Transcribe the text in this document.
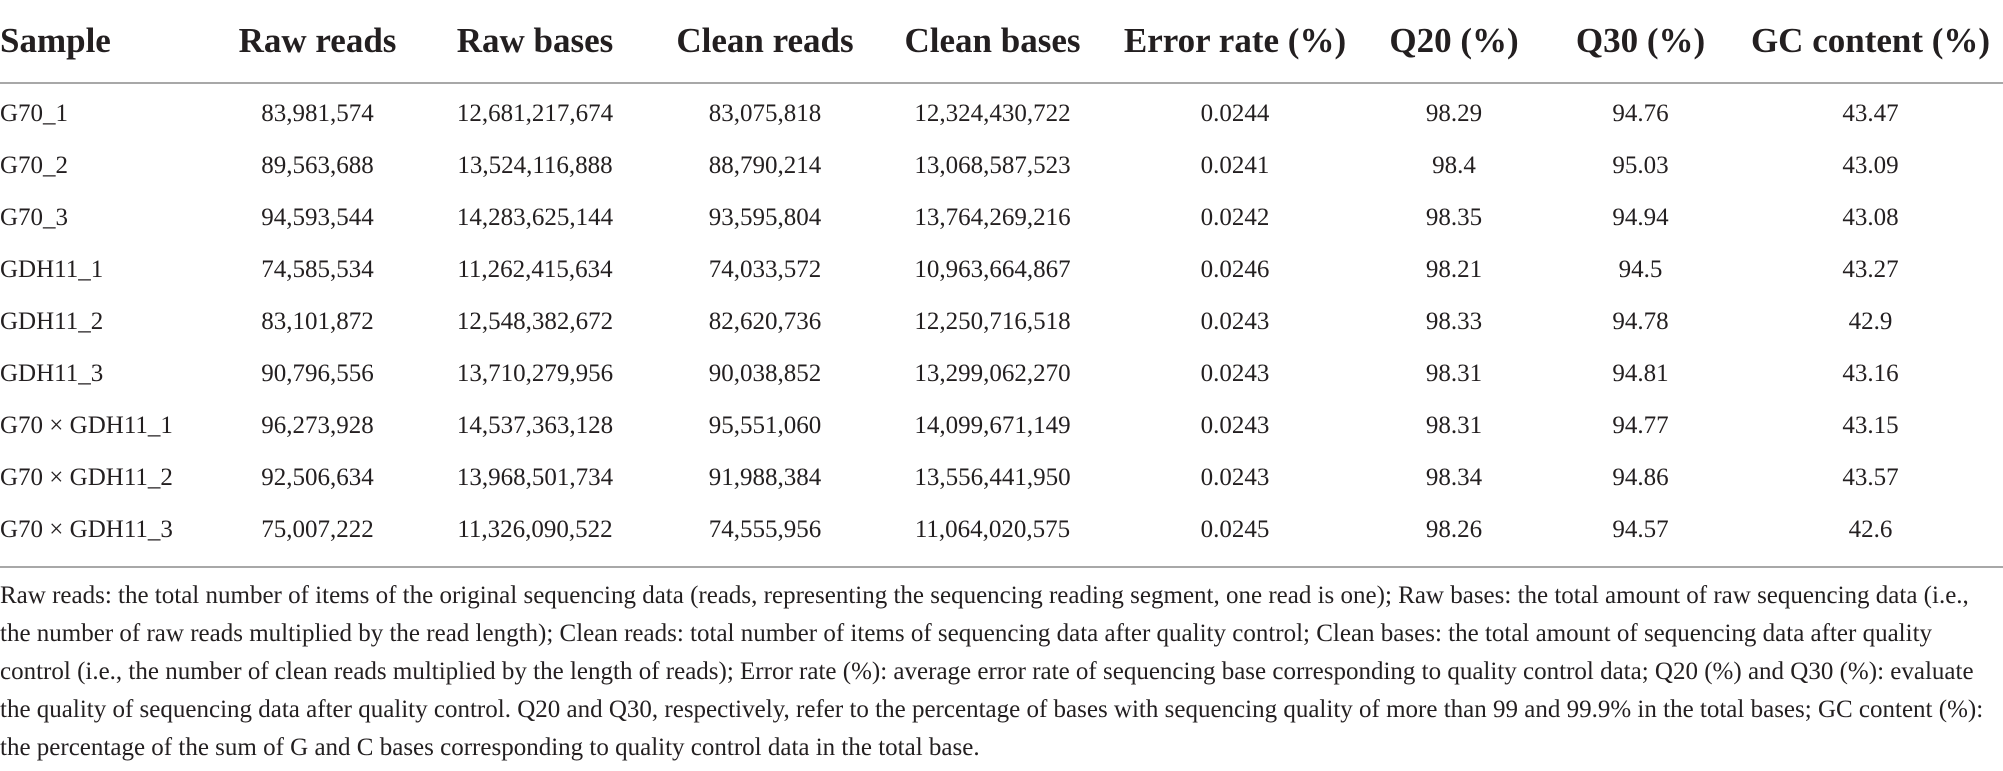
Sample	Raw reads	Raw bases	Clean reads	Clean bases	Error rate (%)	Q20 (%)	Q30 (%)	GC content (%)
G70_1	83,981,574	12,681,217,674	83,075,818	12,324,430,722	0.0244	98.29	94.76	43.47
G70_2	89,563,688	13,524,116,888	88,790,214	13,068,587,523	0.0241	98.4	95.03	43.09
G70_3	94,593,544	14,283,625,144	93,595,804	13,764,269,216	0.0242	98.35	94.94	43.08
GDH11_1	74,585,534	11,262,415,634	74,033,572	10,963,664,867	0.0246	98.21	94.5	43.27
GDH11_2	83,101,872	12,548,382,672	82,620,736	12,250,716,518	0.0243	98.33	94.78	42.9
GDH11_3	90,796,556	13,710,279,956	90,038,852	13,299,062,270	0.0243	98.31	94.81	43.16
G70 × GDH11_1	96,273,928	14,537,363,128	95,551,060	14,099,671,149	0.0243	98.31	94.77	43.15
G70 × GDH11_2	92,506,634	13,968,501,734	91,988,384	13,556,441,950	0.0243	98.34	94.86	43.57
G70 × GDH11_3	75,007,222	11,326,090,522	74,555,956	11,064,020,575	0.0245	98.26	94.57	42.6

Raw reads: the total number of items of the original sequencing data (reads, representing the sequencing reading segment, one read is one); Raw bases: the total amount of raw sequencing data (i.e., the number of raw reads multiplied by the read length); Clean reads: total number of items of sequencing data after quality control; Clean bases: the total amount of sequencing data after quality control (i.e., the number of clean reads multiplied by the length of reads); Error rate (%): average error rate of sequencing base corresponding to quality control data; Q20 (%) and Q30 (%): evaluate the quality of sequencing data after quality control. Q20 and Q30, respectively, refer to the percentage of bases with sequencing quality of more than 99 and 99.9% in the total bases; GC content (%): the percentage of the sum of G and C bases corresponding to quality control data in the total base.
